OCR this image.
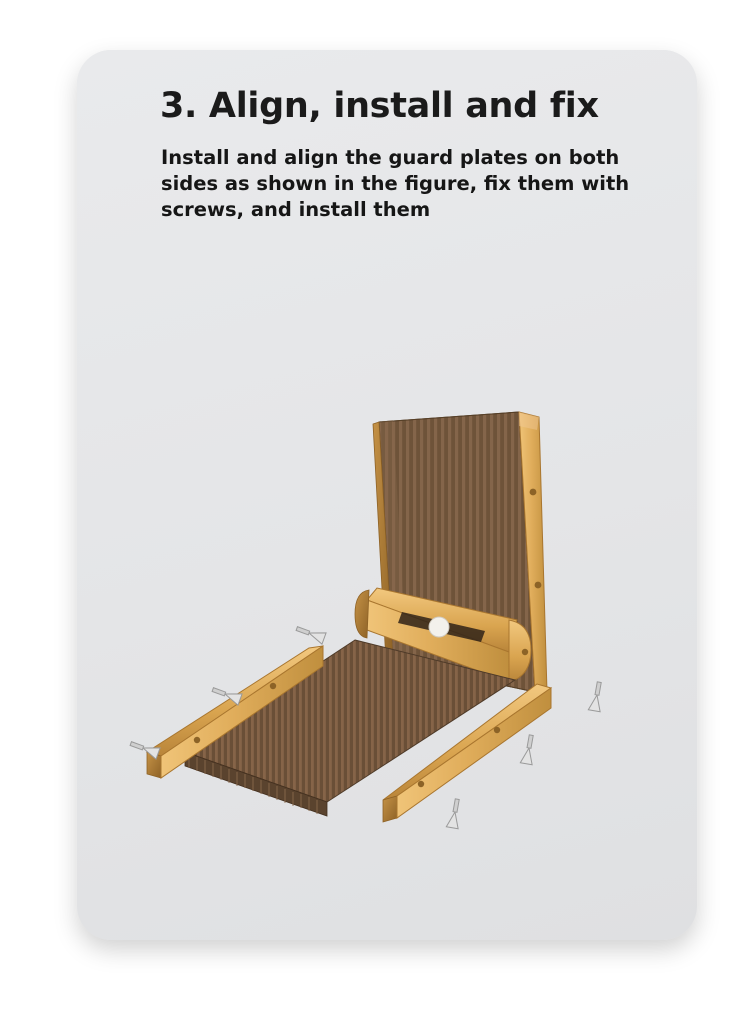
3. Align, install and fix
Install and align the guard plates on both sides as shown in the figure, fix them with screws, and install them
